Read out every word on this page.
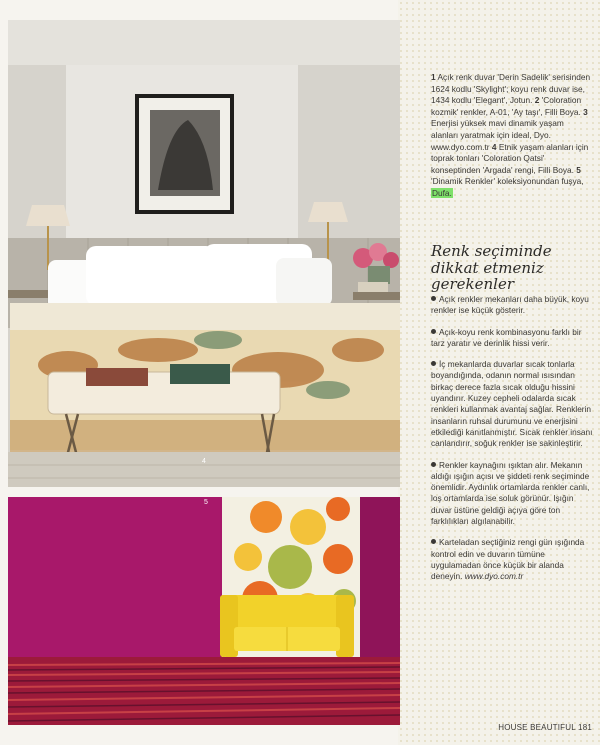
4
5

1 Açık renk duvar 'Derin Sadelik' serisinden 1624 kodlu 'Skylight'; koyu renk duvar ise, 1434 kodlu 'Elegant', Jotun. 2 'Coloration kozmik' renkler, A-01, 'Ay taşı', Filli Boya. 3 Enerjisi yüksek mavi dinamik yaşam alanları yaratmak için ideal, Dyo. www.dyo.com.tr 4 Etnik yaşam alanları için toprak tonları 'Coloration Qatsi' konseptinden 'Argada' rengi, Filli Boya. 5 'Dinamik Renkler' koleksiyonundan fuşya, Dufa.

Renk seçiminde dikkat etmeniz gerekenler

Açık renkler mekanları daha büyük, koyu renkler ise küçük gösterir.

Açık-koyu renk kombinasyonu farklı bir tarz yaratır ve derinlik hissi verir.

İç mekanlarda duvarlar sıcak tonlarla boyandığında, odanın normal ısısından birkaç derece fazla sıcak olduğu hissini uyandırır. Kuzey cepheli odalarda sıcak renkleri kullanmak avantaj sağlar. Renklerin insanların ruhsal durumunu ve enerjisini etkilediği kanıtlanmıştır. Sıcak renkler insanı canlandırır, soğuk renkler ise sakinleştirir.

Renkler kaynağını ışıktan alır. Mekanın aldığı ışığın açısı ve şiddeti renk seçiminde önemlidir. Aydınlık ortamlarda renkler canlı, loş ortamlarda ise soluk görünür. Işığın duvar üstüne geldiği açıya göre ton farklılıkları algılanabilir.

Karteladan seçtiğiniz rengi gün ışığında kontrol edin ve duvarın tümüne uygulamadan önce küçük bir alanda deneyin. www.dyo.com.tr

HOUSE BEAUTIFUL 181
